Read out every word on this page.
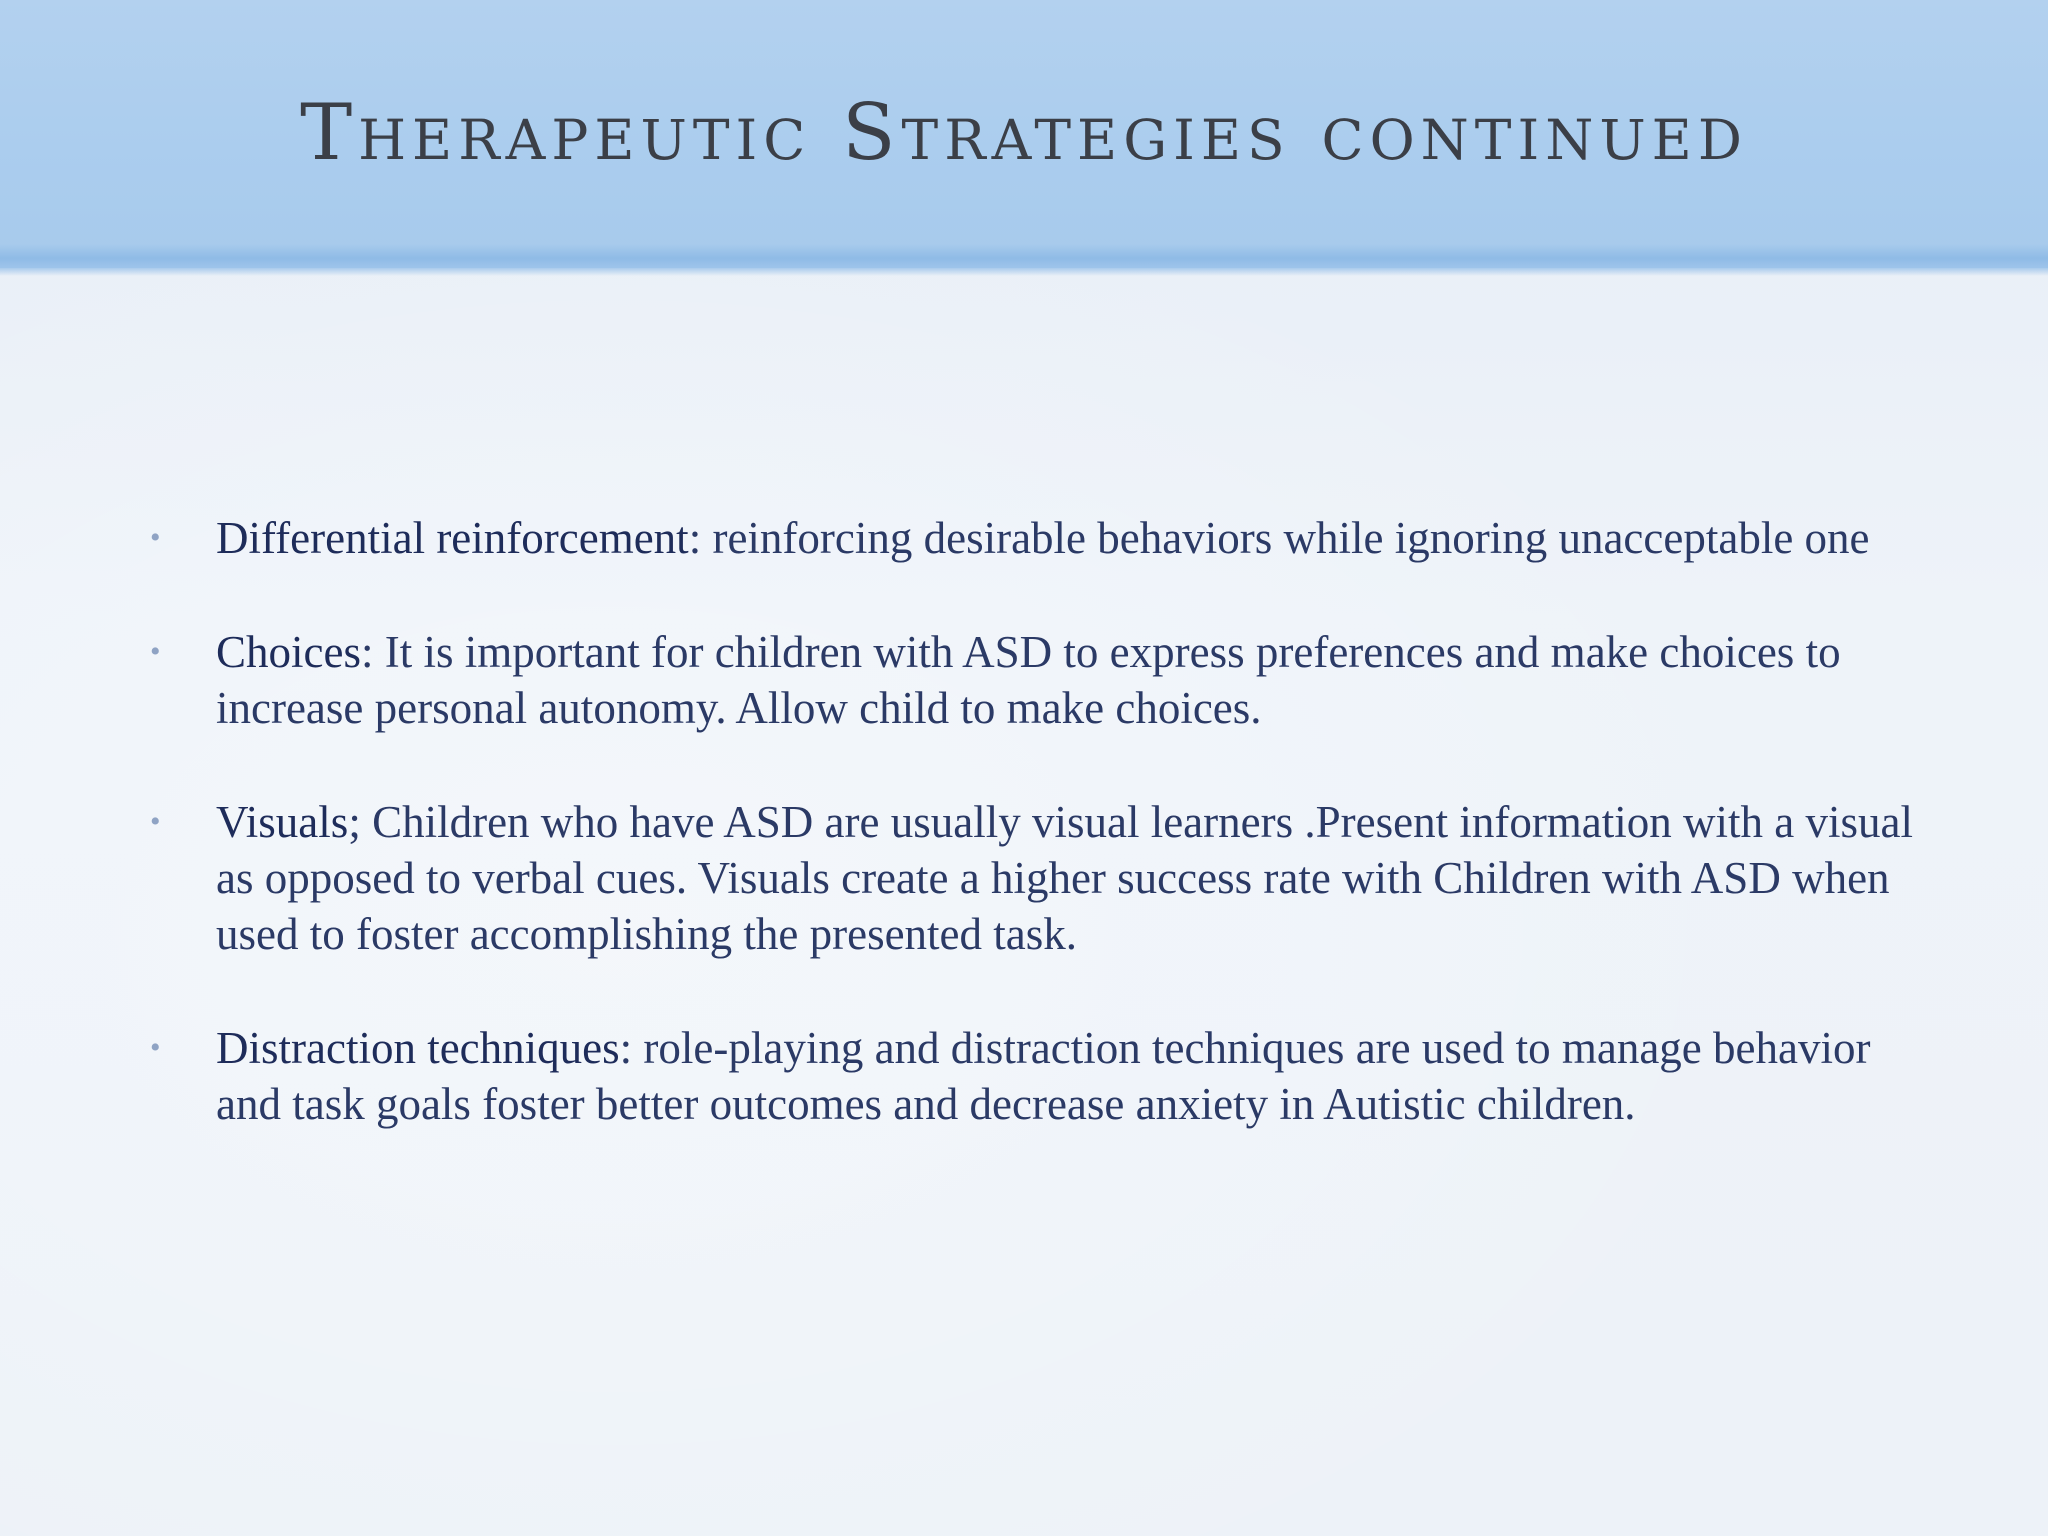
Therapeutic Strategies continued
• Differential reinforcement: reinforcing desirable behaviors while ignoring unacceptable one
• Choices: It is important for children with ASD to express preferences and make choices to increase personal autonomy. Allow child to make choices.
• Visuals; Children who have ASD are usually visual learners .Present information with a visual as opposed to verbal cues. Visuals create a higher success rate with Children with ASD when used to foster accomplishing the presented task.
• Distraction techniques: role-playing and distraction techniques are used to manage behavior and task goals foster better outcomes and decrease anxiety in Autistic children.
